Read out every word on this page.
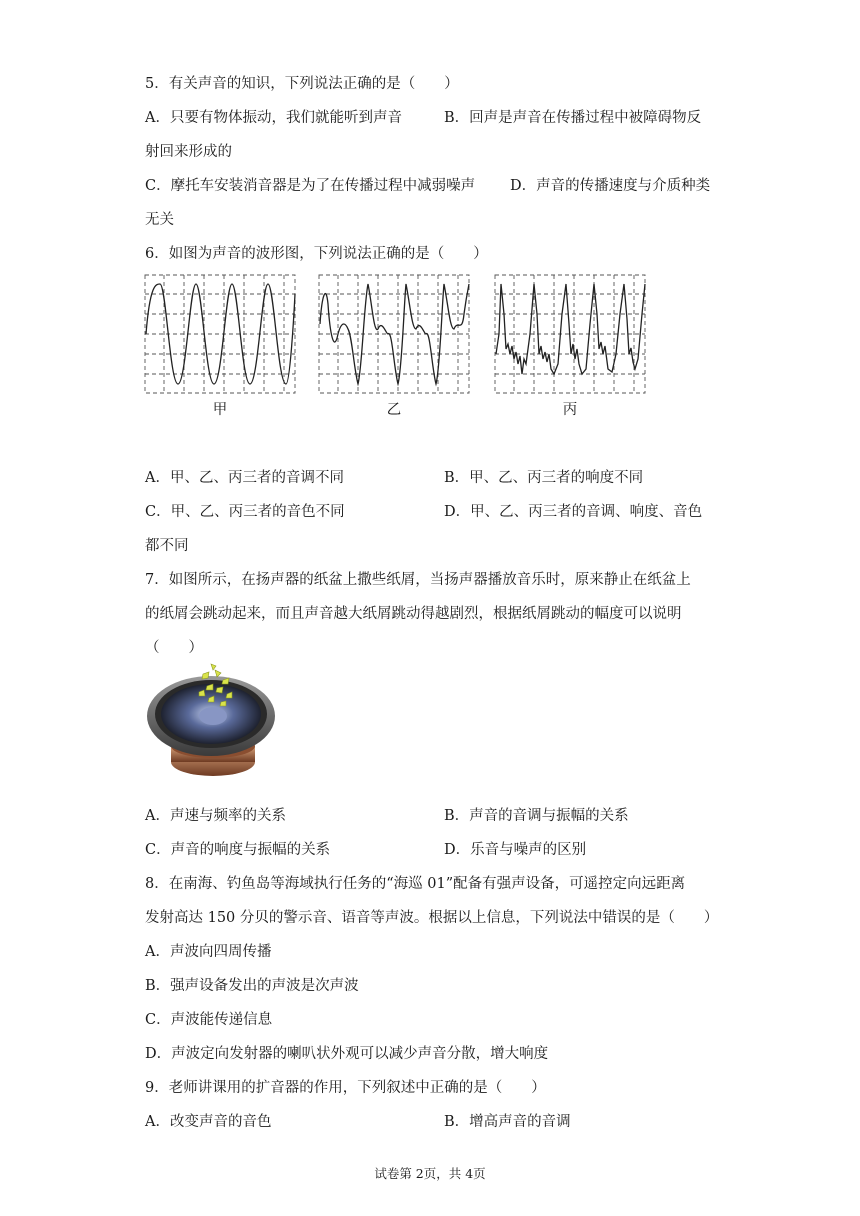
5．有关声音的知识，下列说法正确的是（　　）
A．只要有物体振动，我们就能听到声音	B．回声是声音在传播过程中被障碍物反
射回来形成的
C．摩托车安装消音器是为了在传播过程中减弱噪声 D．声音的传播速度与介质种类
无关
6．如图为声音的波形图，下列说法正确的是（　　）
甲	乙	丙
A．甲、乙、丙三者的音调不同	B．甲、乙、丙三者的响度不同
C．甲、乙、丙三者的音色不同	D．甲、乙、丙三者的音调、响度、音色
都不同
7．如图所示，在扬声器的纸盆上撒些纸屑，当扬声器播放音乐时，原来静止在纸盆上
的纸屑会跳动起来，而且声音越大纸屑跳动得越剧烈，根据纸屑跳动的幅度可以说明
（　　）
A．声速与频率的关系	B．声音的音调与振幅的关系
C．声音的响度与振幅的关系	D．乐音与噪声的区别
8．在南海、钓鱼岛等海域执行任务的“海巡 01”配备有强声设备，可遥控定向远距离
发射高达 150 分贝的警示音、语音等声波。根据以上信息，下列说法中错误的是（　　）
A．声波向四周传播
B．强声设备发出的声波是次声波
C．声波能传递信息
D．声波定向发射器的喇叭状外观可以减少声音分散，增大响度
9．老师讲课用的扩音器的作用，下列叙述中正确的是（　　）
A．改变声音的音色	B．增高声音的音调
试卷第 2页，共 4页
